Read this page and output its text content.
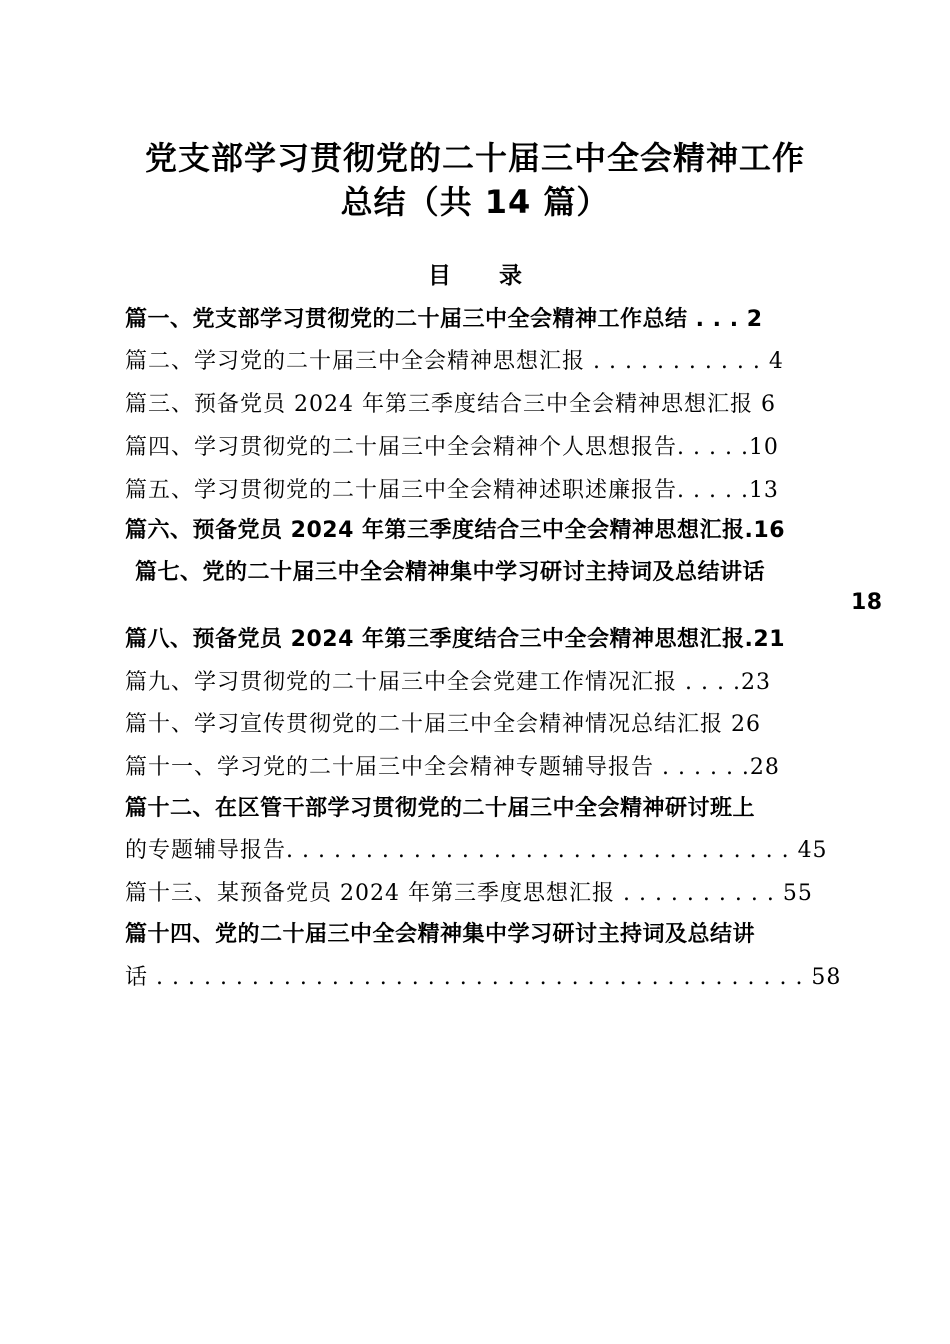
党支部学习贯彻党的二十届三中全会精神工作
总结（共 14 篇）
目 录
篇一、党支部学习贯彻党的二十届三中全会精神工作总结 . . . 2
篇二、学习党的二十届三中全会精神思想汇报 . . . . . . . . . . . 4
篇三、预备党员 2024 年第三季度结合三中全会精神思想汇报 6
篇四、学习贯彻党的二十届三中全会精神个人思想报告. . . . .10
篇五、学习贯彻党的二十届三中全会精神述职述廉报告. . . . .13
篇六、预备党员 2024 年第三季度结合三中全会精神思想汇报.16
篇七、党的二十届三中全会精神集中学习研讨主持词及总结讲话
18
篇八、预备党员 2024 年第三季度结合三中全会精神思想汇报.21
篇九、学习贯彻党的二十届三中全会党建工作情况汇报 . . . .23
篇十、学习宣传贯彻党的二十届三中全会精神情况总结汇报 26
篇十一、学习党的二十届三中全会精神专题辅导报告 . . . . . .28
篇十二、在区管干部学习贯彻党的二十届三中全会精神研讨班上
的专题辅导报告. . . . . . . . . . . . . . . . . . . . . . . . . . . . . . . . 45
篇十三、某预备党员 2024 年第三季度思想汇报 . . . . . . . . . . 55
篇十四、党的二十届三中全会精神集中学习研讨主持词及总结讲
话 . . . . . . . . . . . . . . . . . . . . . . . . . . . . . . . . . . . . . . . . . 58
